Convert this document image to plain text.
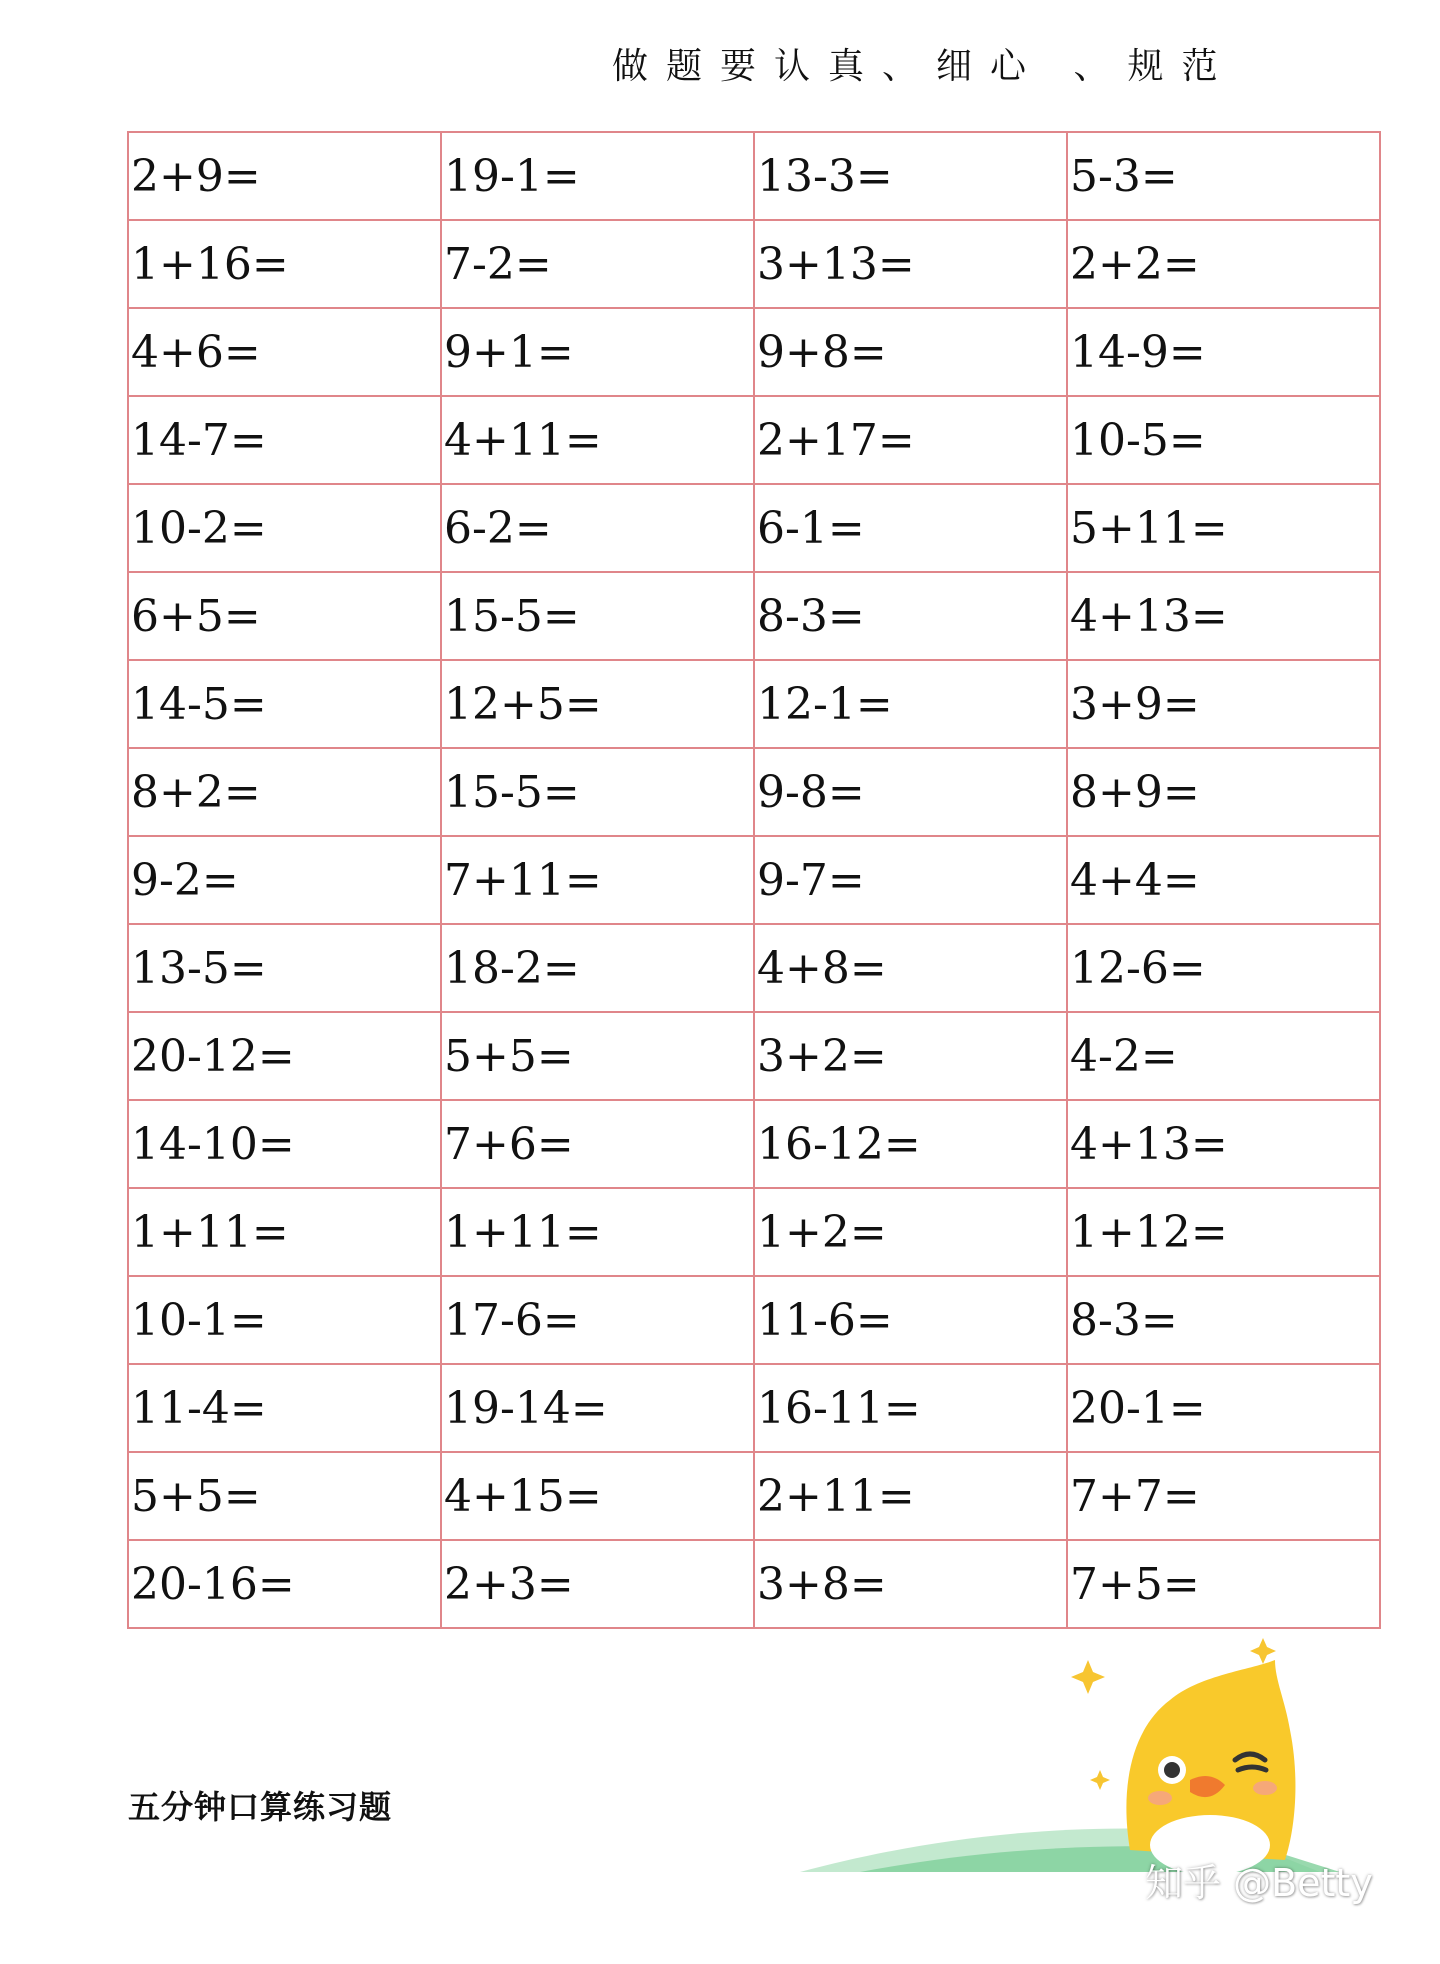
做题要认真、细心 、规范
2+9=	19-1=	13-3=	5-3=
1+16=	7-2=	3+13=	2+2=
4+6=	9+1=	9+8=	14-9=
14-7=	4+11=	2+17=	10-5=
10-2=	6-2=	6-1=	5+11=
6+5=	15-5=	8-3=	4+13=
14-5=	12+5=	12-1=	3+9=
8+2=	15-5=	9-8=	8+9=
9-2=	7+11=	9-7=	4+4=
13-5=	18-2=	4+8=	12-6=
20-12=	5+5=	3+2=	4-2=
14-10=	7+6=	16-12=	4+13=
1+11=	1+11=	1+2=	1+12=
10-1=	17-6=	11-6=	8-3=
11-4=	19-14=	16-11=	20-1=
5+5=	4+15=	2+11=	7+7=
20-16=	2+3=	3+8=	7+5=
五分钟口算练习题
知乎 @Betty
